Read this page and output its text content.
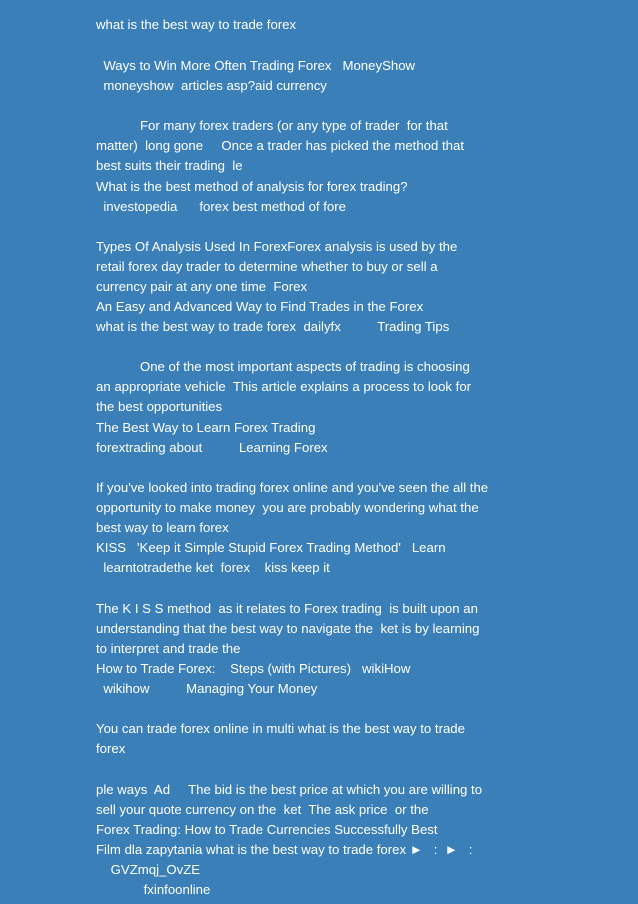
what is the best way to trade forex
Ways to Win More Often Trading Forex   MoneyShow
moneyshow  articles asp?aid currency
For many forex traders (or any type of trader  for that
matter)  long gone     Once a trader has picked the method that
best suits their trading  le
What is the best method of analysis for forex trading?
investopedia      forex best method of fore
Types Of Analysis Used In ForexForex analysis is used by the
retail forex day trader to determine whether to buy or sell a
currency pair at any one time  Forex
An Easy and Advanced Way to Find Trades in the Forex
what is the best way to trade forex  dailyfx          Trading Tips
One of the most important aspects of trading is choosing
an appropriate vehicle  This article explains a process to look for
the best opportunities
The Best Way to Learn Forex Trading
forextrading about          Learning Forex
If you've looked into trading forex online and you've seen the all the
opportunity to make money  you are probably wondering what the
best way to learn forex
KISS   'Keep it Simple Stupid Forex Trading Method'   Learn
learntotradethe ket  forex    kiss keep it
The K I S S method  as it relates to Forex trading  is built upon an
understanding that the best way to navigate the  ket is by learning
to interpret and trade the
How to Trade Forex:    Steps (with Pictures)   wikiHow
wikihow          Managing Your Money
You can trade forex online in multi what is the best way to trade
forex
ple ways  Ad     The bid is the best price at which you are willing to
sell your quote currency on the  ket  The ask price  or the
Forex Trading: How to Trade Currencies Successfully Best
Film dla zapytania what is the best way to trade forex ►   :  ►   :
GVZmqj_OvZE
fxinfoonline
